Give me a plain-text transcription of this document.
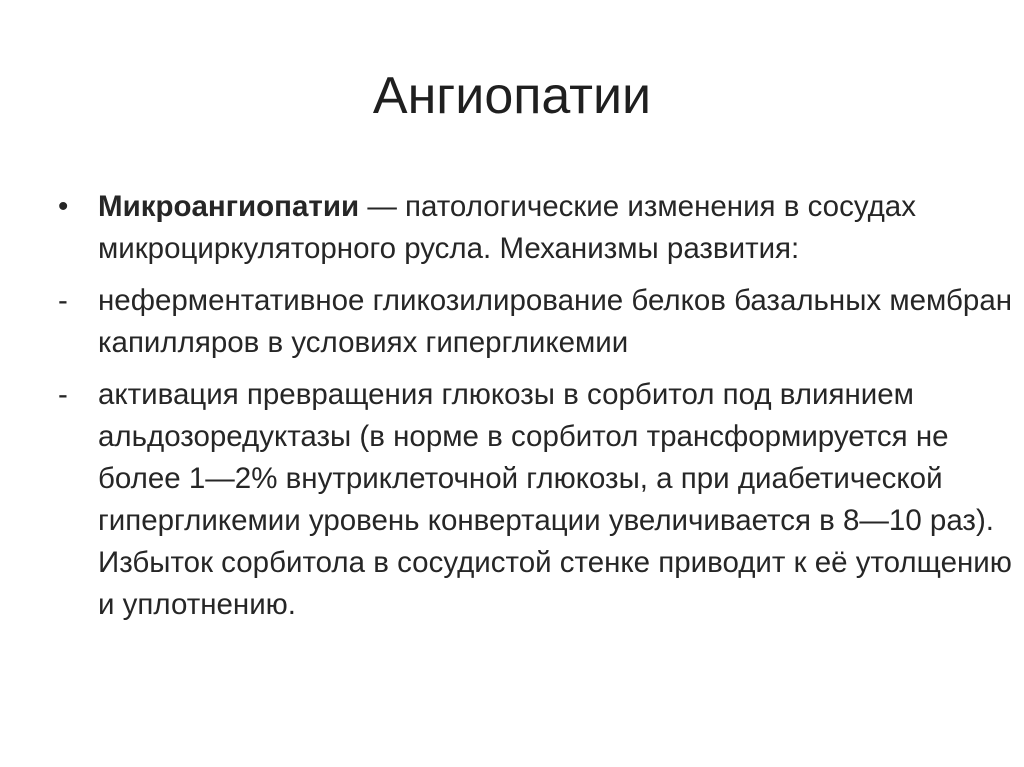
Ангиопатии
•	Микроангиопатии — патологические изменения в сосудах микроциркуляторного русла. Механизмы развития:
-	неферментативное гликозилирование белков базальных мембран капилляров в условиях гипергликемии
-	активация превращения глюкозы в сорбитол под влиянием альдозоредуктазы (в норме в сорбитол трансформируется не более 1—2% внутриклеточной глюкозы, а при диабетической гипергликемии уровень конвертации увеличивается в 8—10 раз). Избыток сорбитола в сосудистой стенке приводит к её утолщению и уплотнению.
